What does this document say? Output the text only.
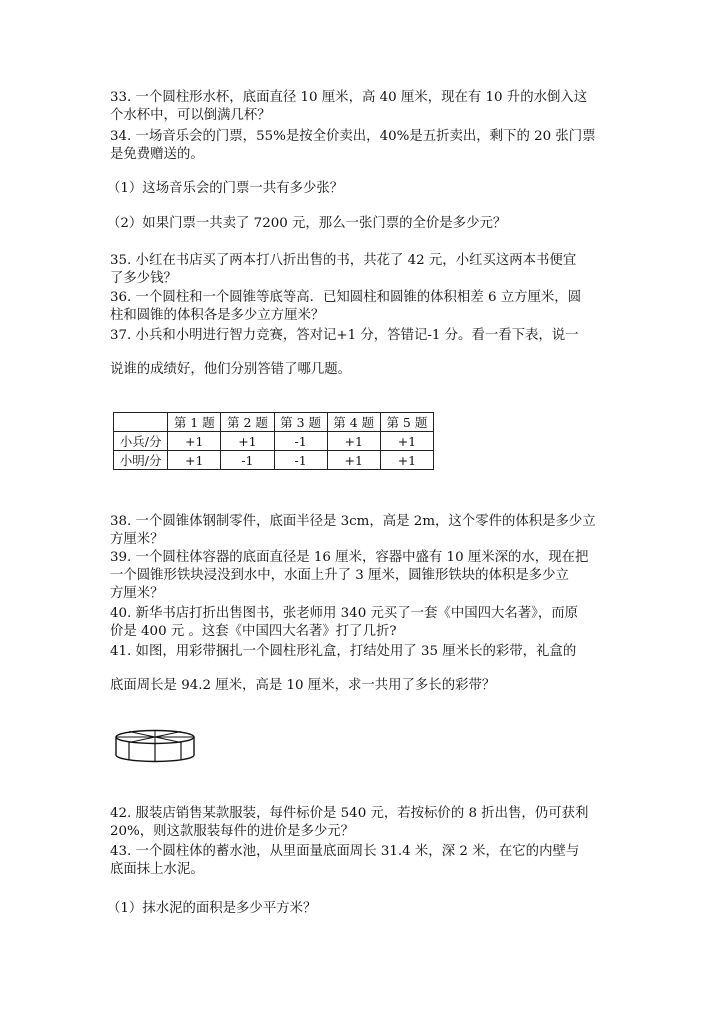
33. 一个圆柱形水杯，底面直径 10 厘米，高 40 厘米，现在有 10 升的水倒入这
个水杯中，可以倒满几杯？
34. 一场音乐会的门票，55%是按全价卖出，40%是五折卖出，剩下的 20 张门票
是免费赠送的。
（1）这场音乐会的门票一共有多少张？
（2）如果门票一共卖了 7200 元，那么一张门票的全价是多少元？
35. 小红在书店买了两本打八折出售的书，共花了 42 元，小红买这两本书便宜
了多少钱？
36. 一个圆柱和一个圆锥等底等高．已知圆柱和圆锥的体积相差 6 立方厘米，圆
柱和圆锥的体积各是多少立方厘米？
37. 小兵和小明进行智力竞赛，答对记+1 分，答错记-1 分。看一看下表，说一
说谁的成绩好，他们分别答错了哪几题。
	第 1 题	第 2 题	第 3 题	第 4 题	第 5 题
小兵/分	+1	+1	-1	+1	+1
小明/分	+1	-1	-1	+1	+1
38. 一个圆锥体钢制零件，底面半径是 3cm，高是 2m，这个零件的体积是多少立
方厘米？
39. 一个圆柱体容器的底面直径是 16 厘米，容器中盛有 10 厘米深的水，现在把
一个圆锥形铁块浸没到水中，水面上升了 3 厘米，圆锥形铁块的体积是多少立
方厘米？
40. 新华书店打折出售图书，张老师用 340 元买了一套《中国四大名著》，而原
价是 400 元 。这套《中国四大名著》打了几折?
41. 如图，用彩带捆扎一个圆柱形礼盒，打结处用了 35 厘米长的彩带，礼盒的
底面周长是 94.2 厘米，高是 10 厘米，求一共用了多长的彩带？
42. 服装店销售某款服装，每件标价是 540 元，若按标价的 8 折出售，仍可获利
20%，则这款服装每件的进价是多少元？
43. 一个圆柱体的蓄水池，从里面量底面周长 31.4 米，深 2 米，在它的内壁与
底面抹上水泥。
（1）抹水泥的面积是多少平方米？
